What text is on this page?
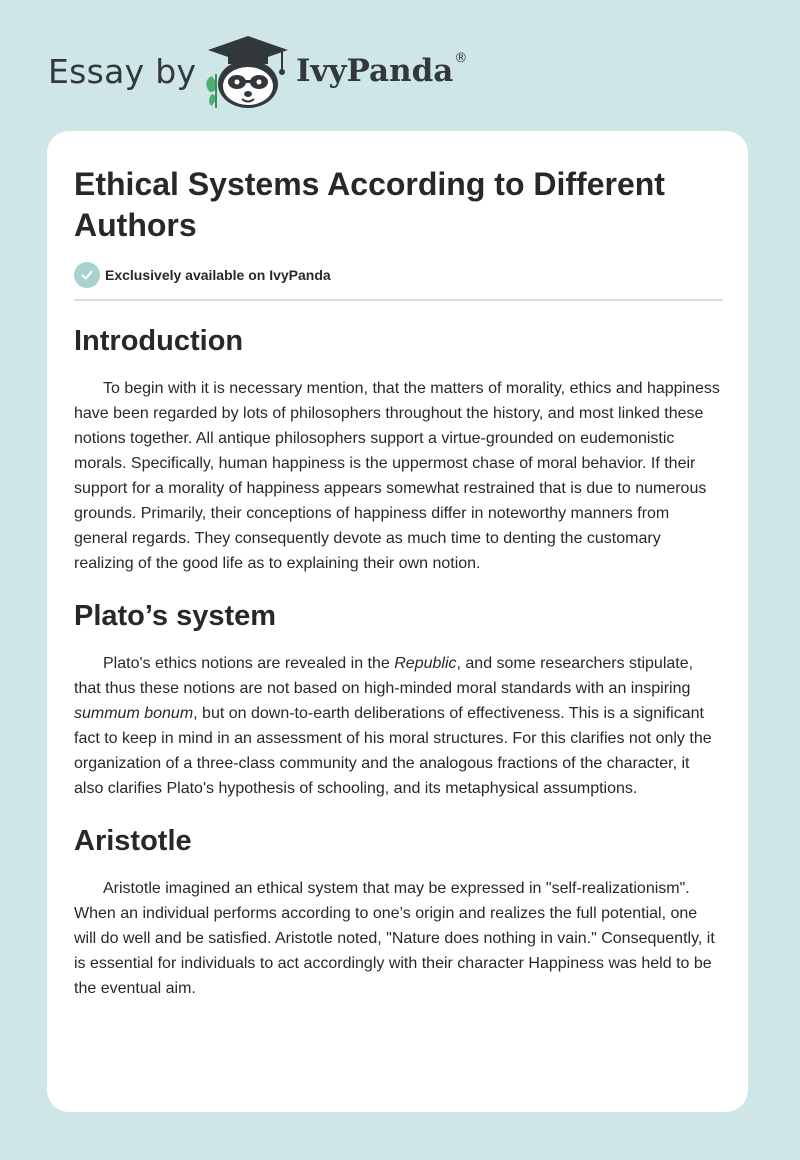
Essay by	IvyPanda®
Ethical Systems According to Different Authors
Exclusively available on IvyPanda
Introduction

To begin with it is necessary mention, that the matters of morality, ethics and happiness have been regarded by lots of philosophers throughout the history, and most linked these notions together. All antique philosophers support a virtue-grounded on eudemonistic morals. Specifically, human happiness is the uppermost chase of moral behavior. If their support for a morality of happiness appears somewhat restrained that is due to numerous grounds. Primarily, their conceptions of happiness differ in noteworthy manners from general regards. They consequently devote as much time to denting the customary realizing of the good life as to explaining their own notion.

Plato’s system

Plato's ethics notions are revealed in the Republic, and some researchers stipulate, that thus these notions are not based on high-minded moral standards with an inspiring summum bonum, but on down-to-earth deliberations of effectiveness. This is a significant fact to keep in mind in an assessment of his moral structures. For this clarifies not only the organization of a three-class community and the analogous fractions of the character, it also clarifies Plato's hypothesis of schooling, and its metaphysical assumptions.

Aristotle

Aristotle imagined an ethical system that may be expressed in "self-realizationism". When an individual performs according to one’s origin and realizes the full potential, one will do well and be satisfied. Aristotle noted, "Nature does nothing in vain." Consequently, it is essential for individuals to act accordingly with their character Happiness was held to be the eventual aim.
